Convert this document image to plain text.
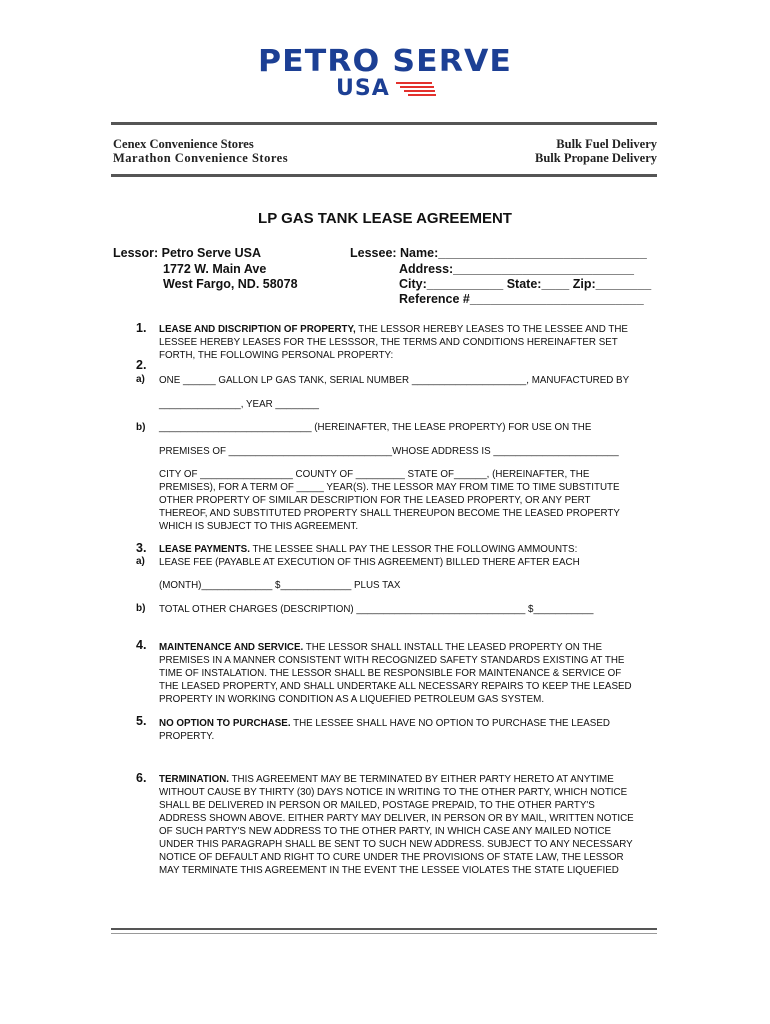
PETRO SERVE
USA
Cenex Convenience Stores
Marathon Convenience Stores
Bulk Fuel Delivery
Bulk Propane Delivery
LP GAS TANK LEASE AGREEMENT
Lessor: Petro Serve USA
1772 W. Main Ave
West Fargo, ND. 58078
Lessee: Name:______________________________
Address:__________________________
City:___________ State:____ Zip:________
Reference #_________________________
1. LEASE AND DISCRIPTION OF PROPERTY, THE LESSOR HEREBY LEASES TO THE LESSEE AND THE
LESSEE HEREBY LEASES FOR THE LESSSOR, THE TERMS AND CONDITIONS HEREINAFTER SET
FORTH, THE FOLLOWING PERSONAL PROPERTY:
2.
a) ONE ______ GALLON LP GAS TANK, SERIAL NUMBER _____________________, MANUFACTURED BY
_______________, YEAR ________
b) ____________________________ (HEREINAFTER, THE LEASE PROPERTY) FOR USE ON THE
PREMISES OF ______________________________WHOSE ADDRESS IS _______________________
CITY OF _________________ COUNTY OF _________ STATE OF______, (HEREINAFTER, THE
PREMISES), FOR A TERM OF _____ YEAR(S). THE LESSOR MAY FROM TIME TO TIME SUBSTITUTE
OTHER PROPERTY OF SIMILAR DESCRIPTION FOR THE LEASED PROPERTY, OR ANY PERT
THEREOF, AND SUBSTITUTED PROPERTY SHALL THEREUPON BECOME THE LEASED PROPERTY
WHICH IS SUBJECT TO THIS AGREEMENT.
3. LEASE PAYMENTS. THE LESSEE SHALL PAY THE LESSOR THE FOLLOWING AMMOUNTS:
a) LEASE FEE (PAYABLE AT EXECUTION OF THIS AGREEMENT) BILLED THERE AFTER EACH
(MONTH)_____________ $_____________ PLUS TAX
b) TOTAL OTHER CHARGES (DESCRIPTION) _______________________________ $___________
4. MAINTENANCE AND SERVICE. THE LESSOR SHALL INSTALL THE LEASED PROPERTY ON THE
PREMISES IN A MANNER CONSISTENT WITH RECOGNIZED SAFETY STANDARDS EXISTING AT THE
TIME OF INSTALATION. THE LESSOR SHALL BE RESPONSIBLE FOR MAINTENANCE & SERVICE OF
THE LEASED PROPERTY, AND SHALL UNDERTAKE ALL NECESSARY REPAIRS TO KEEP THE LEASED
PROPERTY IN WORKING CONDITION AS A LIQUEFIED PETROLEUM GAS SYSTEM.
5. NO OPTION TO PURCHASE. THE LESSEE SHALL HAVE NO OPTION TO PURCHASE THE LEASED
PROPERTY.
6. TERMINATION. THIS AGREEMENT MAY BE TERMINATED BY EITHER PARTY HERETO AT ANYTIME
WITHOUT CAUSE BY THIRTY (30) DAYS NOTICE IN WRITING TO THE OTHER PARTY, WHICH NOTICE
SHALL BE DELIVERED IN PERSON OR MAILED, POSTAGE PREPAID, TO THE OTHER PARTY'S
ADDRESS SHOWN ABOVE. EITHER PARTY MAY DELIVER, IN PERSON OR BY MAIL, WRITTEN NOTICE
OF SUCH PARTY'S NEW ADDRESS TO THE OTHER PARTY, IN WHICH CASE ANY MAILED NOTICE
UNDER THIS PARAGRAPH SHALL BE SENT TO SUCH NEW ADDRESS. SUBJECT TO ANY NECESSARY
NOTICE OF DEFAULT AND RIGHT TO CURE UNDER THE PROVISIONS OF STATE LAW, THE LESSOR
MAY TERMINATE THIS AGREEMENT IN THE EVENT THE LESSEE VIOLATES THE STATE LIQUEFIED
